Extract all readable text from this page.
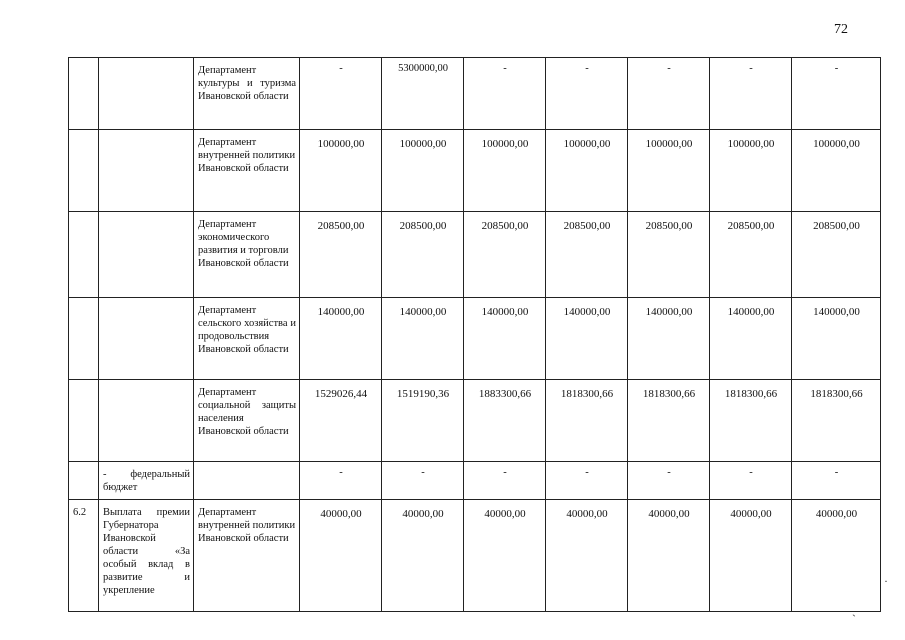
72
		Департамент культуры и туризма Ивановской области	-	5300000,00	-	-	-	-	-
		Департамент внутренней политики Ивановской области	100000,00	100000,00	100000,00	100000,00	100000,00	100000,00	100000,00
		Департамент экономического развития и торговли Ивановской области	208500,00	208500,00	208500,00	208500,00	208500,00	208500,00	208500,00
		Департамент сельского хозяйства и продовольствия Ивановской области	140000,00	140000,00	140000,00	140000,00	140000,00	140000,00	140000,00
		Департамент социальной защиты населения Ивановской области	1529026,44	1519190,36	1883300,66	1818300,66	1818300,66	1818300,66	1818300,66
	- федеральный бюджет		-	-	-	-	-	-	-
6.2	Выплата премии Губернатора Ивановской области «За особый вклад в развитие и укрепление	Департамент внутренней политики Ивановской области	40000,00	40000,00	40000,00	40000,00	40000,00	40000,00	40000,00
·
ˋ
